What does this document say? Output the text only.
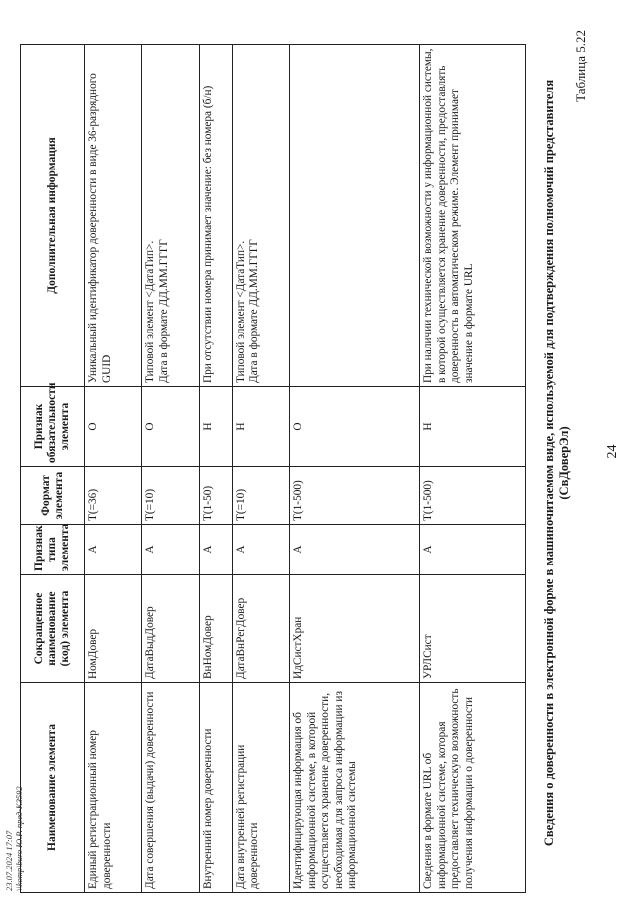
24
Таблица 5.22
Сведения о доверенности в электронной форме в машиночитаемом виде, используемой для подтверждения полномочий представителя (СвДоверЭл)
Наименование элемента	Сокращенное наименование (код) элемента	Признак типа элемента	Формат элемента	Признак обязательности элемента	Дополнительная информация
Единый регистрационный номер доверенности	НомДовер	А	T(=36)	О	Уникальный идентификатор доверенности в виде 36-разрядного GUID

Дата совершения (выдачи) доверенности	ДатаВыдДовер	А	T(=10)	О	Типовой элемент <ДатаТип>. Дата в формате ДД.ММ.ГГГГ

Внутренний номер доверенности	ВнНомДовер	А	T(1-50)	Н	При отсутствии номера принимает значение: без номера (б/н)

Дата внутренней регистрации доверенности	ДатаВнРегДовер	А	T(=10)	Н	Типовой элемент <ДатаТип>. Дата в формате ДД.ММ.ГГГГ

Идентифицирующая информация об информационной системе, в которой осуществляется хранение доверенности, необходимая для запроса информации из информационной системы	ИдСистХран	А	T(1-500)	О	

Сведения в формате URL об информационной системе, которая предоставляет техническую возможность получения информации о доверенности	УРЛСист	А	T(1-500)	Н	При наличии технической возможности у информационной системы, в которой осуществляется хранение доверенности, предоставлять доверенность в автоматическом режиме. Элемент принимает значение в формате URL
23.07.2024 17:07 \\komp\buro Ю.Р. пред-КЗ592
